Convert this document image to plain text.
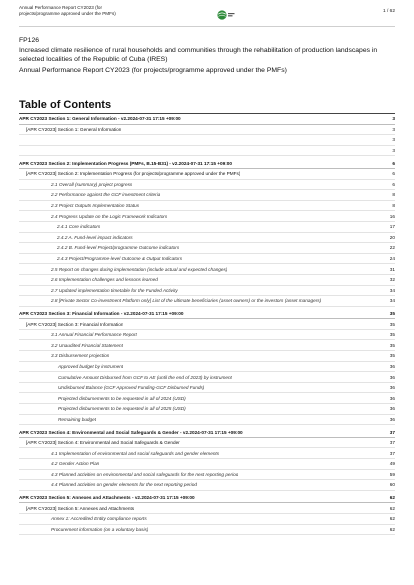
Annual Performance Report CY2023 (for
projects/programme approved under the PMFs)	1 / 62

FP126

Increased climate resilience of rural households and communities through the rehabilitation of production landscapes in selected localities of the Republic of Cuba (IRES)

Annual Performance Report CY2023 (for projects/programme approved under the PMFs)

Table of Contents
APR CY2023 Section 1: General Information - v2.2024-07-31 17:15 +09:00	3
[APR CY2023] Section 1: General Information	3
3
3
APR CY2023 Section 2: Implementation Progress (PMFs, B.15-B31) - v2.2024-07-31 17:15 +09:00	6
[APR CY2023] Section 2: Implementation Progress (for projects/programme approved under the PMFs)	6
2.1 Overall (summary) project progress	6
2.2 Performance against the GCF investment criteria	8
2.3 Project Outputs Implementation Status	8
2.4 Progress Update on the Logic Framework Indicators	16
2.4.1 Core indicators	17
2.4.2 A. Fund-level impact indicators	20
2.4.2 B. Fund-level Project/programme Outcome indicators	22
2.4.3 Project/Programme-level Outcome & Output Indicators	24
2.5 Report on changes during implementation (include actual and expected changes)	31
2.6 Implementation challenges and lessons learned	32
2.7 Updated implementation timetable for the Funded Activity	34
2.8 [Private Sector Co-investment Platform only] List of the ultimate beneficiaries (asset owners) or the investors (asset managers)	34
APR CY2023 Section 3: Financial Information - v2.2024-07-31 17:15 +09:00	35
[APR CY2023] Section 3: Financial Information	35
3.1 Annual Financial Performance Report	35
3.2 Unaudited Financial Statement	35
3.3 Disbursement projection	35
Approved budget by instrument	36
Cumulative Amount Disbursed from GCF to AE (until the end of 2023) by instrument	36
Undisbursed Balance (GCF Approved Funding-GCF Disbursed Funds)	36
Projected disbursements to be requested in all of 2024 (USD)	36
Projected disbursements to be requested in all of 2025 (USD)	36
Remaining budget	36
APR CY2023 Section 4: Environmental and Social Safeguards & Gender - v2.2024-07-31 17:15 +09:00	37
[APR CY2023] Section 4: Environmental and Social Safeguards & Gender	37
4.1 Implementation of environmental and social safeguards and gender elements	37
4.2 Gender Action Plan	49
4.3 Planned activities on environmental and social safeguards for the next reporting period	59
4.4 Planned activities on gender elements for the next reporting period	60
APR CY2023 Section 5: Annexes and Attachments - v2.2024-07-31 17:15 +09:00	62
[APR CY2023] Section 5: Annexes and Attachments	62
Annex 1: Accredited Entity compliance reports	62
Procurement information (on a voluntary basis)	62
